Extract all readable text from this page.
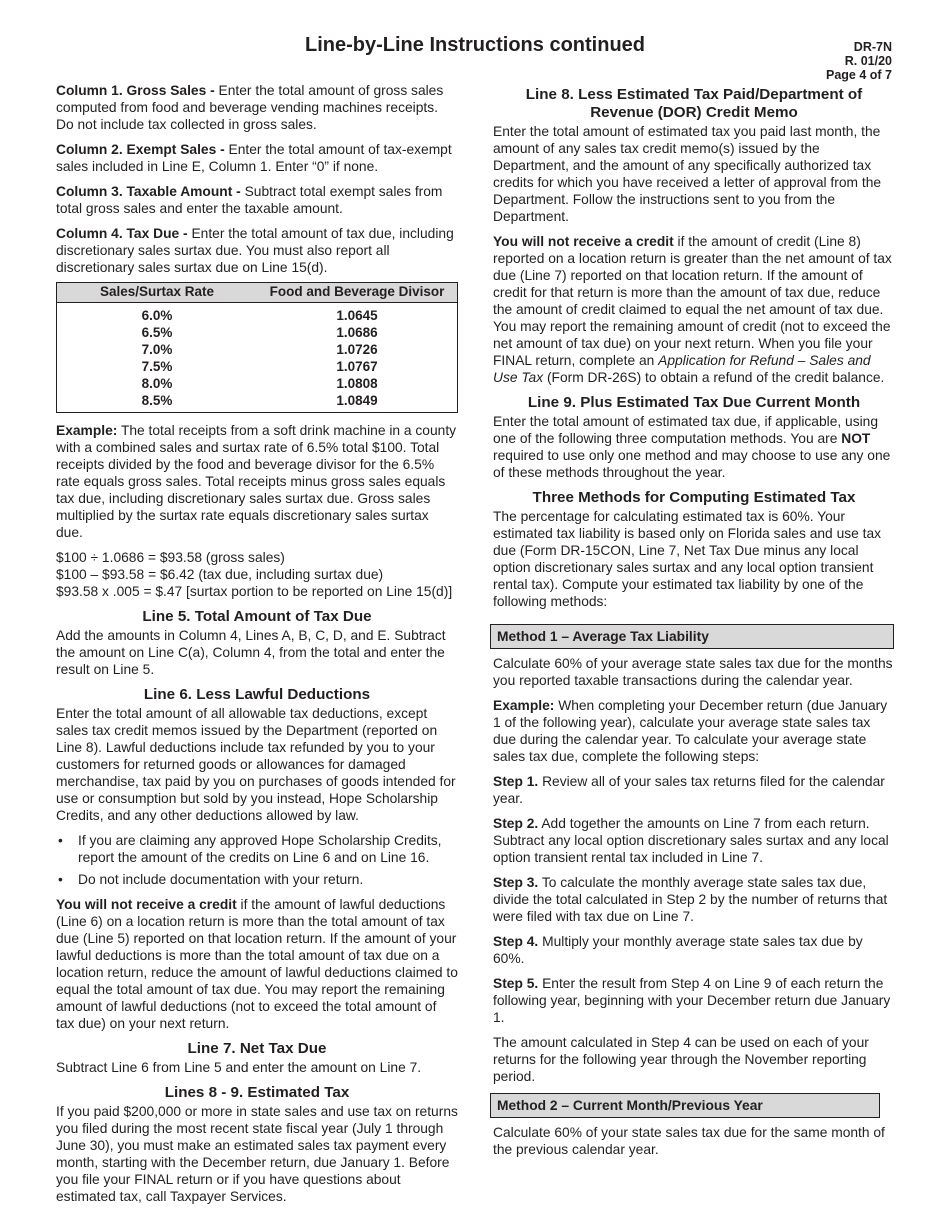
Line-by-Line Instructions continued	DR-7N
R. 01/20
Page 4 of 7

Column 1. Gross Sales - Enter the total amount of gross sales computed from food and beverage vending machines receipts. Do not include tax collected in gross sales.

Column 2. Exempt Sales - Enter the total amount of tax-exempt sales included in Line E, Column 1. Enter “0” if none.

Column 3. Taxable Amount - Subtract total exempt sales from total gross sales and enter the taxable amount.

Column 4. Tax Due - Enter the total amount of tax due, including discretionary sales surtax due. You must also report all discretionary sales surtax due on Line 15(d).

Sales/Surtax Rate	Food and Beverage Divisor
6.0%	1.0645
6.5%	1.0686
7.0%	1.0726
7.5%	1.0767
8.0%	1.0808
8.5%	1.0849

Example: The total receipts from a soft drink machine in a county with a combined sales and surtax rate of 6.5% total $100. Total receipts divided by the food and beverage divisor for the 6.5% rate equals gross sales. Total receipts minus gross sales equals tax due, including discretionary sales surtax due. Gross sales multiplied by the surtax rate equals discretionary sales surtax due.

$100 ÷ 1.0686 = $93.58 (gross sales)

$100 – $93.58 = $6.42 (tax due, including surtax due)

$93.58 x .005 = $.47 [surtax portion to be reported on Line 15(d)]

Line 5. Total Amount of Tax Due

Add the amounts in Column 4, Lines A, B, C, D, and E. Subtract the amount on Line C(a), Column 4, from the total and enter the result on Line 5.

Line 6. Less Lawful Deductions

Enter the total amount of all allowable tax deductions, except sales tax credit memos issued by the Department (reported on Line 8). Lawful deductions include tax refunded by you to your customers for returned goods or allowances for damaged merchandise, tax paid by you on purchases of goods intended for use or consumption but sold by you instead, Hope Scholarship Credits, and any other deductions allowed by law.

• If you are claiming any approved Hope Scholarship Credits, report the amount of the credits on Line 6 and on Line 16.
• Do not include documentation with your return.

You will not receive a credit if the amount of lawful deductions (Line 6) on a location return is more than the total amount of tax due (Line 5) reported on that location return. If the amount of your lawful deductions is more than the total amount of tax due on a location return, reduce the amount of lawful deductions claimed to equal the total amount of tax due. You may report the remaining amount of lawful deductions (not to exceed the total amount of tax due) on your next return.

Line 7. Net Tax Due

Subtract Line 6 from Line 5 and enter the amount on Line 7.

Lines 8 - 9. Estimated Tax

If you paid $200,000 or more in state sales and use tax on returns you filed during the most recent state fiscal year (July 1 through June 30), you must make an estimated sales tax payment every month, starting with the December return, due January 1. Before you file your FINAL return or if you have questions about estimated tax, call Taxpayer Services.

Line 8. Less Estimated Tax Paid/Department of Revenue (DOR) Credit Memo

Enter the total amount of estimated tax you paid last month, the amount of any sales tax credit memo(s) issued by the Department, and the amount of any specifically authorized tax credits for which you have received a letter of approval from the Department. Follow the instructions sent to you from the Department.

You will not receive a credit if the amount of credit (Line 8) reported on a location return is greater than the net amount of tax due (Line 7) reported on that location return. If the amount of credit for that return is more than the amount of tax due, reduce the amount of credit claimed to equal the net amount of tax due. You may report the remaining amount of credit (not to exceed the net amount of tax due) on your next return. When you file your FINAL return, complete an Application for Refund – Sales and Use Tax (Form DR-26S) to obtain a refund of the credit balance.

Line 9. Plus Estimated Tax Due Current Month

Enter the total amount of estimated tax due, if applicable, using one of the following three computation methods. You are NOT required to use only one method and may choose to use any one of these methods throughout the year.

Three Methods for Computing Estimated Tax

The percentage for calculating estimated tax is 60%. Your estimated tax liability is based only on Florida sales and use tax due (Form DR-15CON, Line 7, Net Tax Due minus any local option discretionary sales surtax and any local option transient rental tax). Compute your estimated tax liability by one of the following methods:

Method 1 – Average Tax Liability

Calculate 60% of your average state sales tax due for the months you reported taxable transactions during the calendar year.

Example: When completing your December return (due January 1 of the following year), calculate your average state sales tax due during the calendar year. To calculate your average state sales tax due, complete the following steps:

Step 1. Review all of your sales tax returns filed for the calendar year.

Step 2. Add together the amounts on Line 7 from each return. Subtract any local option discretionary sales surtax and any local option transient rental tax included in Line 7.

Step 3. To calculate the monthly average state sales tax due, divide the total calculated in Step 2 by the number of returns that were filed with tax due on Line 7.

Step 4. Multiply your monthly average state sales tax due by 60%.

Step 5. Enter the result from Step 4 on Line 9 of each return the following year, beginning with your December return due January 1.

The amount calculated in Step 4 can be used on each of your returns for the following year through the November reporting period.

Method 2 – Current Month/Previous Year

Calculate 60% of your state sales tax due for the same month of the previous calendar year.
